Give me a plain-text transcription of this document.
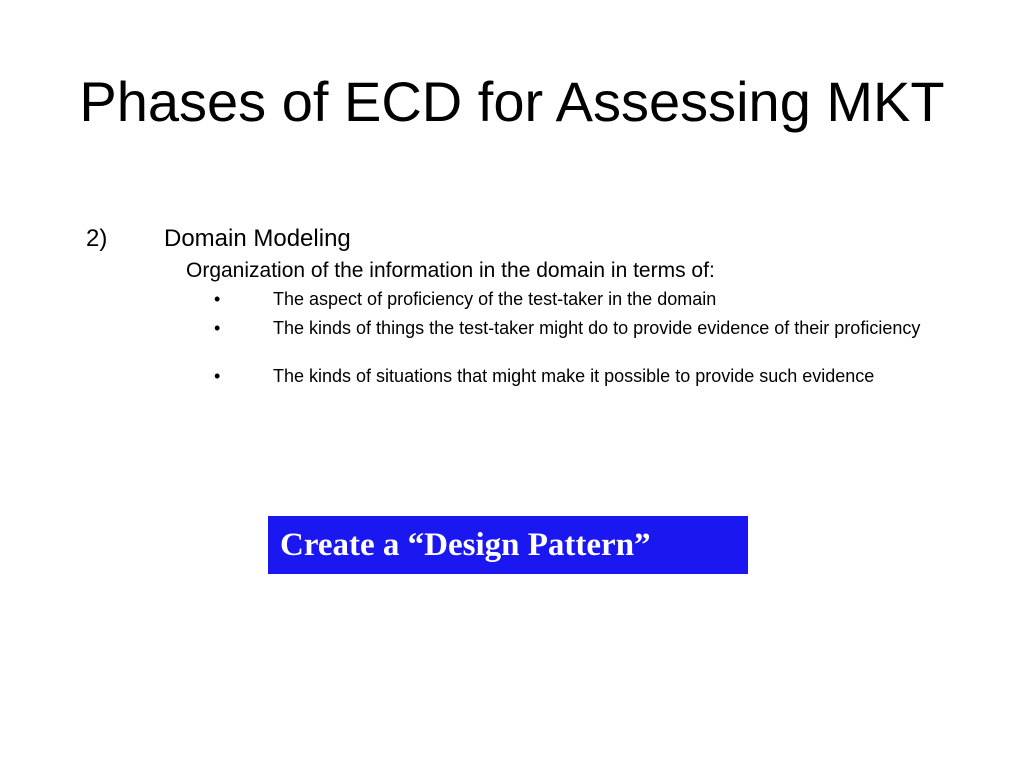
Phases of ECD for Assessing MKT
2) Domain Modeling
Organization of the information in the domain in terms of:
•	The aspect of proficiency of the test-taker in the domain
•	The kinds of things the test-taker might do to provide evidence of their proficiency
•	The kinds of situations that might make it possible to provide such evidence
Create a “Design Pattern”
